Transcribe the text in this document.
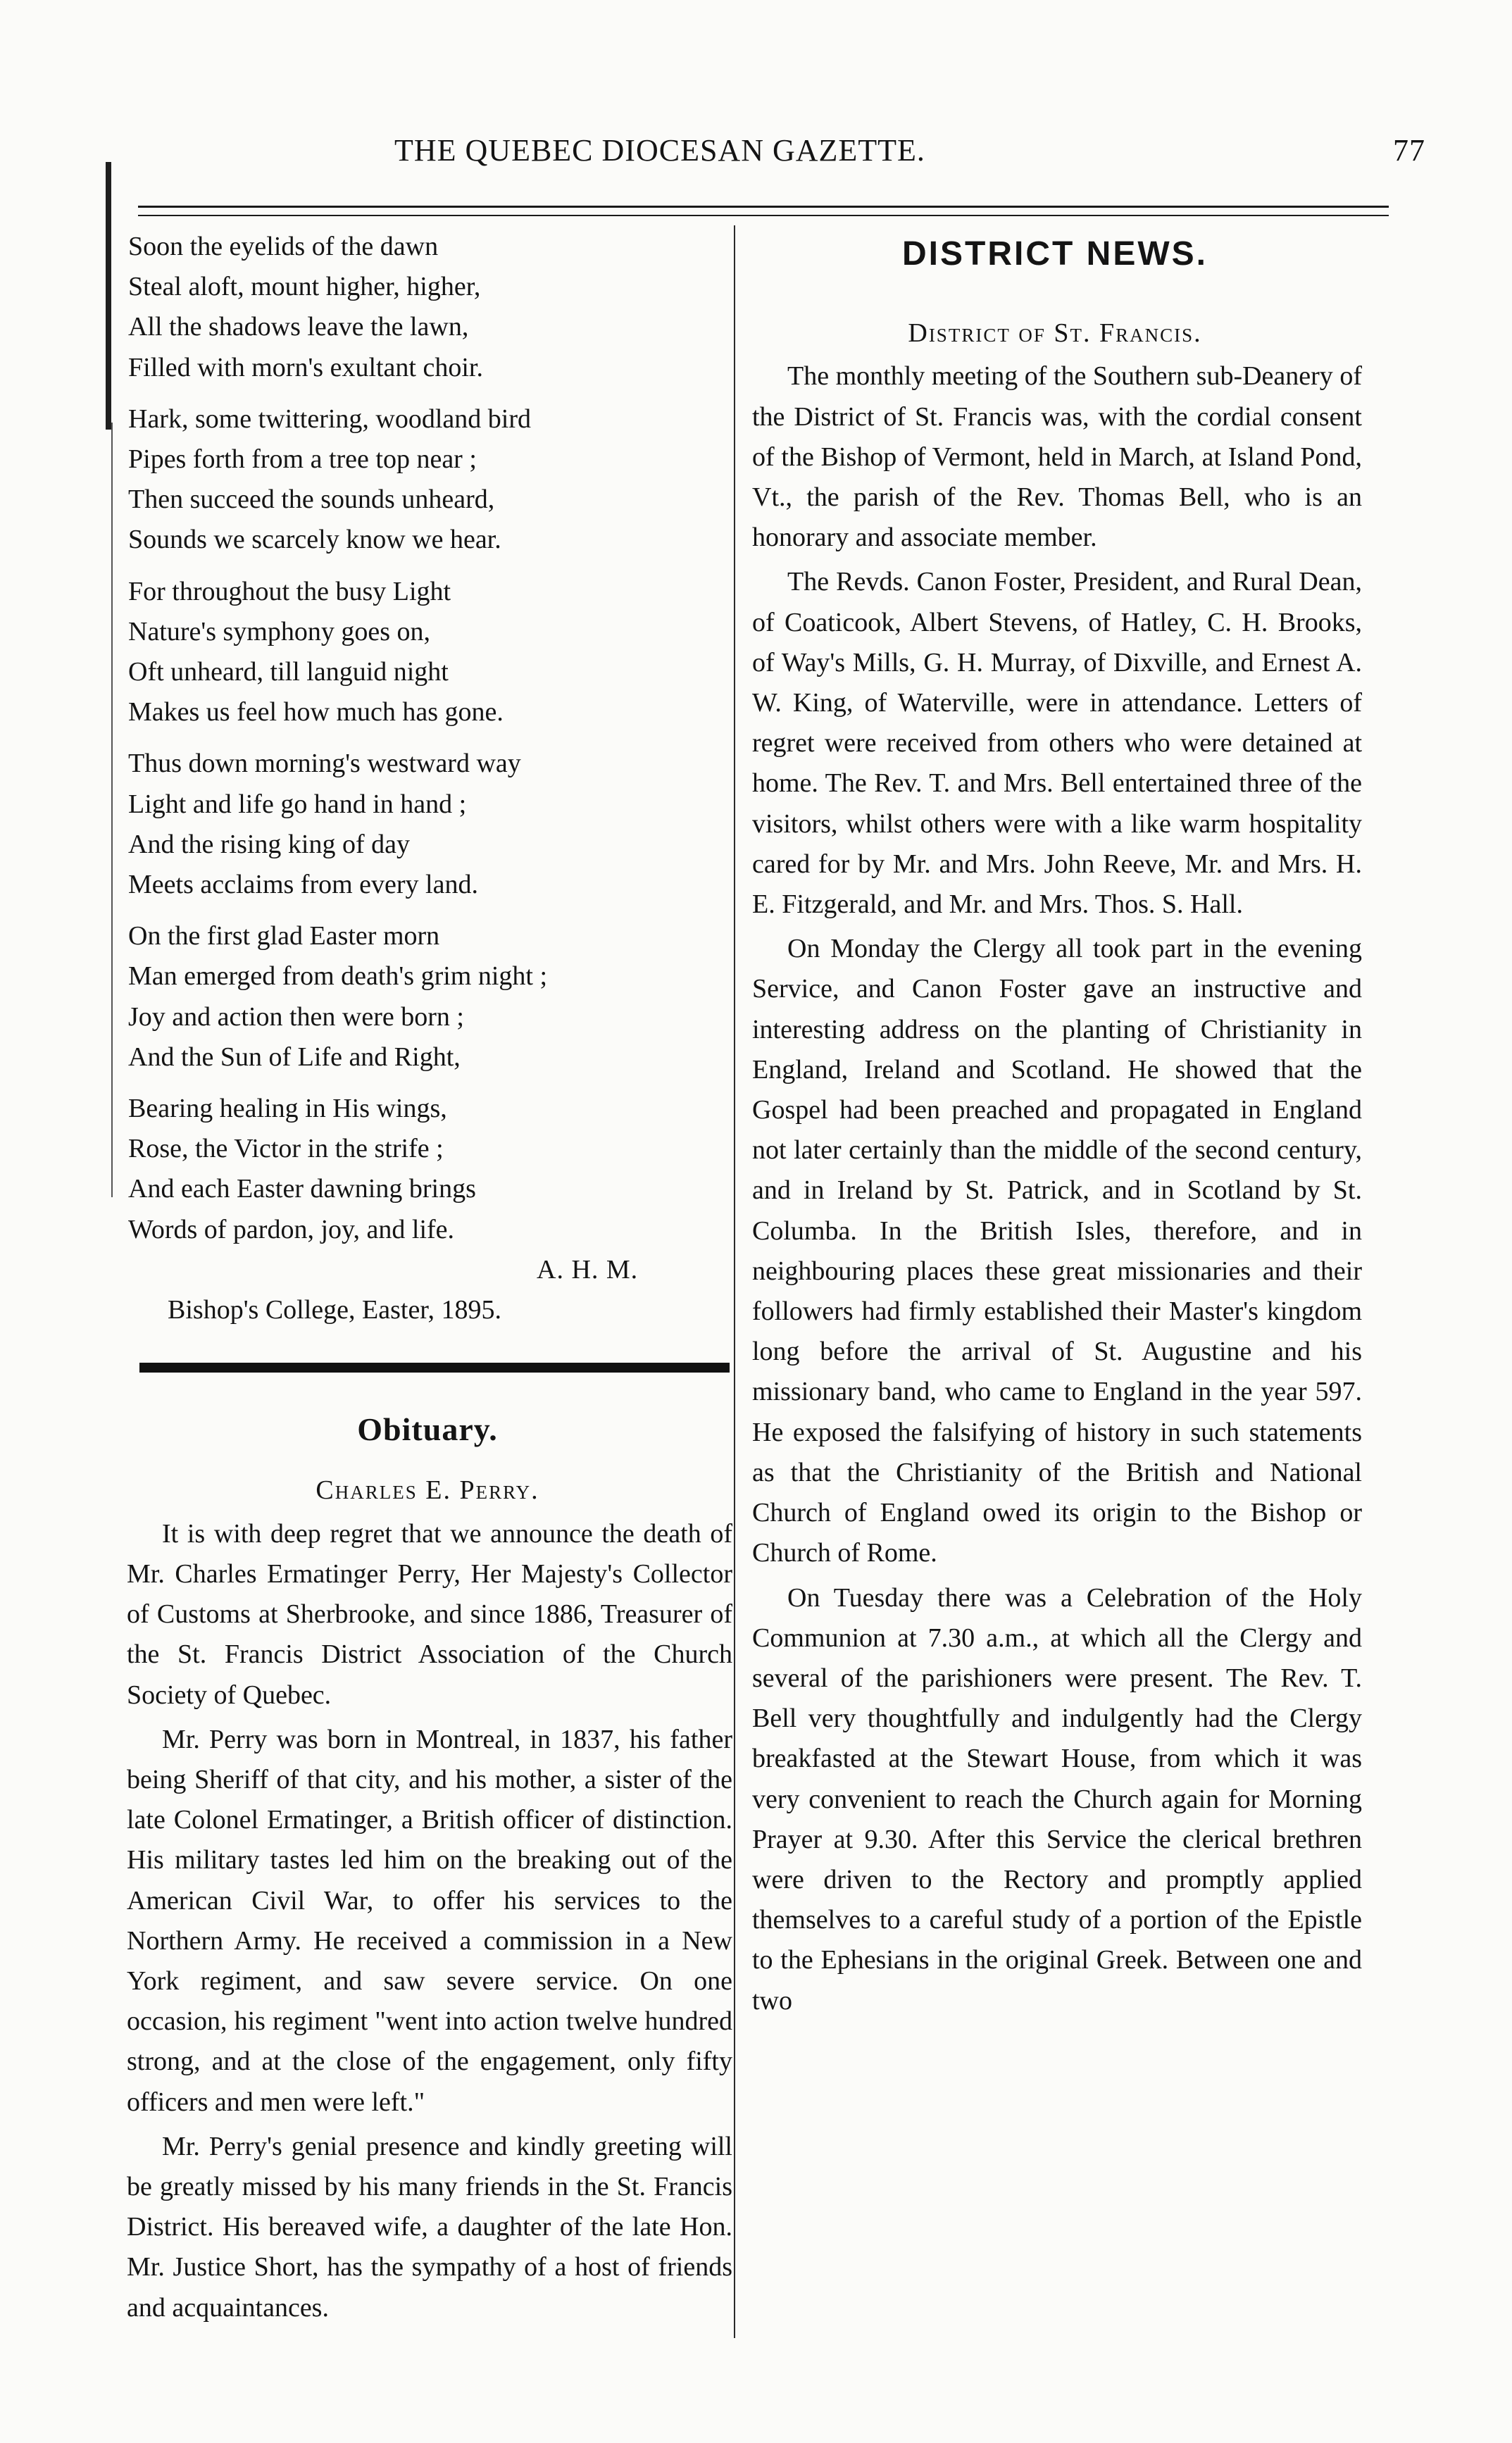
THE QUEBEC DIOCESAN GAZETTE.	77
Soon the eyelids of the dawn
Steal aloft, mount higher, higher,
All the shadows leave the lawn,
Filled with morn's exultant choir.
Hark, some twittering, woodland bird
Pipes forth from a tree top near ;
Then succeed the sounds unheard,
Sounds we scarcely know we hear.
For throughout the busy Light
Nature's symphony goes on,
Oft unheard, till languid night
Makes us feel how much has gone.
Thus down morning's westward way
Light and life go hand in hand ;
And the rising king of day
Meets acclaims from every land.
On the first glad Easter morn
Man emerged from death's grim night ;
Joy and action then were born ;
And the Sun of Life and Right,
Bearing healing in His wings,
Rose, the Victor in the strife ;
And each Easter dawning brings
Words of pardon, joy, and life.
A. H. M.
Bishop's College, Easter, 1895.
Obituary.
Charles E. Perry.

It is with deep regret that we announce the death of Mr. Charles Ermatinger Perry, Her Majesty's Collector of Customs at Sherbrooke, and since 1886, Treasurer of the St. Francis District Association of the Church Society of Quebec.

Mr. Perry was born in Montreal, in 1837, his father being Sheriff of that city, and his mother, a sister of the late Colonel Ermatinger, a British officer of distinction. His military tastes led him on the breaking out of the American Civil War, to offer his services to the Northern Army. He received a commission in a New York regiment, and saw severe service. On one occasion, his regiment "went into action twelve hundred strong, and at the close of the engagement, only fifty officers and men were left."

Mr. Perry's genial presence and kindly greeting will be greatly missed by his many friends in the St. Francis District. His bereaved wife, a daughter of the late Hon. Mr. Justice Short, has the sympathy of a host of friends and acquaintances.

DISTRICT NEWS.
District of St. Francis.

The monthly meeting of the Southern sub-Deanery of the District of St. Francis was, with the cordial consent of the Bishop of Vermont, held in March, at Island Pond, Vt., the parish of the Rev. Thomas Bell, who is an honorary and associate member.

The Revds. Canon Foster, President, and Rural Dean, of Coaticook, Albert Stevens, of Hatley, C. H. Brooks, of Way's Mills, G. H. Murray, of Dixville, and Ernest A. W. King, of Waterville, were in attendance. Letters of regret were received from others who were detained at home. The Rev. T. and Mrs. Bell entertained three of the visitors, whilst others were with a like warm hospitality cared for by Mr. and Mrs. John Reeve, Mr. and Mrs. H. E. Fitzgerald, and Mr. and Mrs. Thos. S. Hall.

On Monday the Clergy all took part in the evening Service, and Canon Foster gave an instructive and interesting address on the planting of Christianity in England, Ireland and Scotland. He showed that the Gospel had been preached and propagated in England not later certainly than the middle of the second century, and in Ireland by St. Patrick, and in Scotland by St. Columba. In the British Isles, therefore, and in neighbouring places these great missionaries and their followers had firmly established their Master's kingdom long before the arrival of St. Augustine and his missionary band, who came to England in the year 597. He exposed the falsifying of history in such statements as that the Christianity of the British and National Church of England owed its origin to the Bishop or Church of Rome.

On Tuesday there was a Celebration of the Holy Communion at 7.30 a.m., at which all the Clergy and several of the parishioners were present. The Rev. T. Bell very thoughtfully and indulgently had the Clergy breakfasted at the Stewart House, from which it was very convenient to reach the Church again for Morning Prayer at 9.30. After this Service the clerical brethren were driven to the Rectory and promptly applied themselves to a careful study of a portion of the Epistle to the Ephesians in the original Greek. Between one and two
